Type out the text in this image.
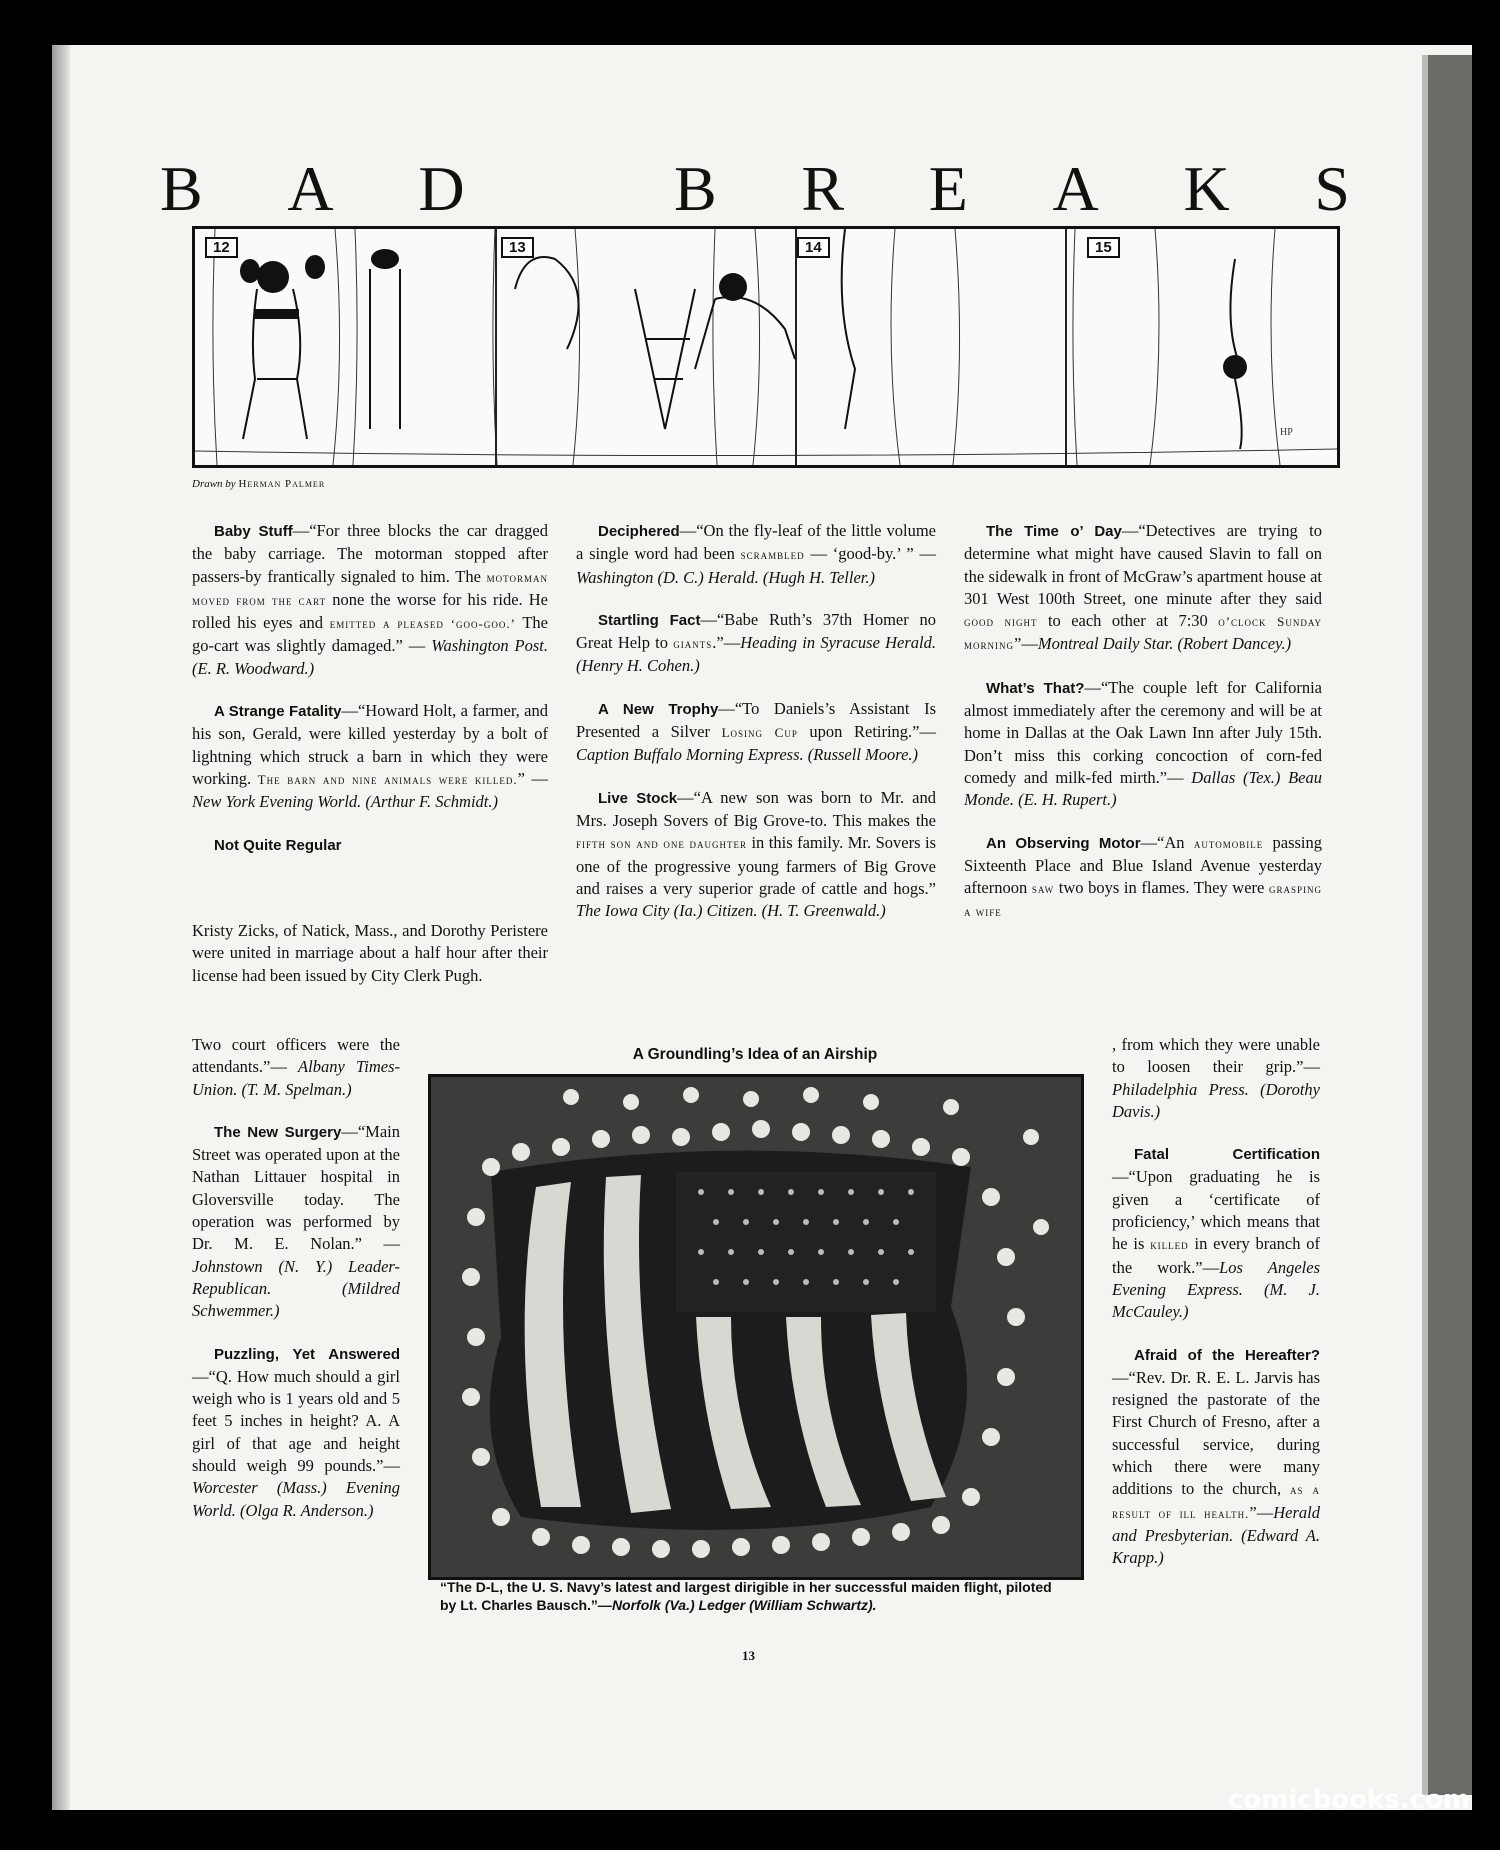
B A D	B R E A K S
HP
12	13	14	15
Drawn by Herman Palmer

Baby Stuff—“For three blocks the car dragged the baby carriage. The motorman stopped after passers-by frantically signaled to him. The motorman moved from the cart none the worse for his ride. He rolled his eyes and emitted a pleased ‘goo-goo.’ The go-cart was slightly damaged.” — Washington Post. (E. R. Woodward.)

A Strange Fatality—“Howard Holt, a farmer, and his son, Gerald, were killed yesterday by a bolt of lightning which struck a barn in which they were working. The barn and nine animals were killed.” — New York Evening World. (Arthur F. Schmidt.)

Not Quite Regular

Kristy Zicks, of Natick, Mass., and Dorothy Peristere were united in marriage about a half hour after their license had been issued by City Clerk Pugh.

Two court officers were the attendants.”— Albany Times-Union. (T. M. Spelman.)

The New Surgery—“Main Street was operated upon at the Nathan Littauer hospital in Gloversville today. The operation was performed by Dr. M. E. Nolan.” — Johnstown (N. Y.) Leader-Republican. (Mildred Schwemmer.)

Puzzling, Yet Answered—“Q. How much should a girl weigh who is 1 years old and 5 feet 5 inches in height? A. A girl of that age and height should weigh 99 pounds.”— Worcester (Mass.) Evening World. (Olga R. Anderson.)

Deciphered—“On the fly-leaf of the little volume a single word had been scrambled — ‘good-by.’ ” — Washington (D. C.) Herald. (Hugh H. Teller.)

Startling Fact—“Babe Ruth’s 37th Homer no Great Help to giants.”—Heading in Syracuse Herald. (Henry H. Cohen.)

A New Trophy—“To Daniels’s Assistant Is Presented a Silver Losing Cup upon Retiring.”—Caption Buffalo Morning Express. (Russell Moore.)

Live Stock—“A new son was born to Mr. and Mrs. Joseph Sovers of Big Grove-to. This makes the fifth son and one daughter in this family. Mr. Sovers is one of the progressive young farmers of Big Grove and raises a very superior grade of cattle and hogs.” The Iowa City (Ia.) Citizen. (H. T. Greenwald.)

The Time o’ Day—“Detectives are trying to determine what might have caused Slavin to fall on the sidewalk in front of McGraw’s apartment house at 301 West 100th Street, one minute after they said good night to each other at 7:30 o’clock Sunday morning”—Montreal Daily Star. (Robert Dancey.)

What’s That?—“The couple left for California almost immediately after the ceremony and will be at home in Dallas at the Oak Lawn Inn after July 15th. Don’t miss this corking concoction of corn-fed comedy and milk-fed mirth.”— Dallas (Tex.) Beau Monde. (E. H. Rupert.)

An Observing Motor—“An automobile passing Sixteenth Place and Blue Island Avenue yesterday afternoon saw two boys in flames. They were grasping a wife

, from which they were unable to loosen their grip.”— Philadelphia Press. (Dorothy Davis.)

Fatal Certification—“Upon graduating he is given a ‘certificate of proficiency,’ which means that he is killed in every branch of the work.”—Los Angeles Evening Express. (M. J. McCauley.)

Afraid of the Hereafter?—“Rev. Dr. R. E. L. Jarvis has resigned the pastorate of the First Church of Fresno, after a successful service, during which there were many additions to the church, as a result of ill health.”—Herald and Presbyterian. (Edward A. Krapp.)

A Groundling’s Idea of an Airship
“The D-L, the U. S. Navy’s latest and largest dirigible in her successful maiden flight, piloted by Lt. Charles Bausch.”—Norfolk (Va.) Ledger (William Schwartz).
13
comicbooks.com
